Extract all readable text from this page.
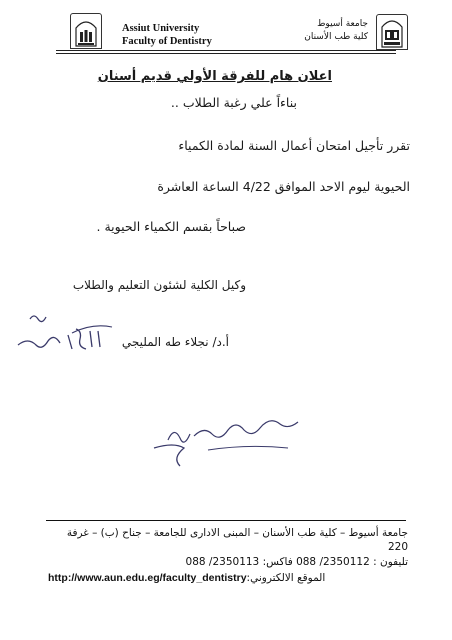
Assiut University
Faculty of Dentistry
جامعة أسيوط
كلية طب الأسنان
اعلان هام للفرقة الأولي قديم أسنان
بناءاً علي رغبة الطلاب ..
تقرر تأجيل امتحان أعمال السنة لمادة الكمياء
الحيوية ليوم الاحد الموافق 4/22 الساعة العاشرة
صباحاً بقسم الكمياء الحيوية .
وكيل الكلية لشئون التعليم والطلاب
أ.د/ نجلاء طه المليجي
جامعة أسيوط – كلية طب الأسنان – المبنى الادارى للجامعة – جناح (ب) – غرفة 220
تليفون : 2350112/ 088 فاكس: 2350113/ 088
http://www.aun.edu.eg/faculty_dentistryالموقع الالكتروني:
